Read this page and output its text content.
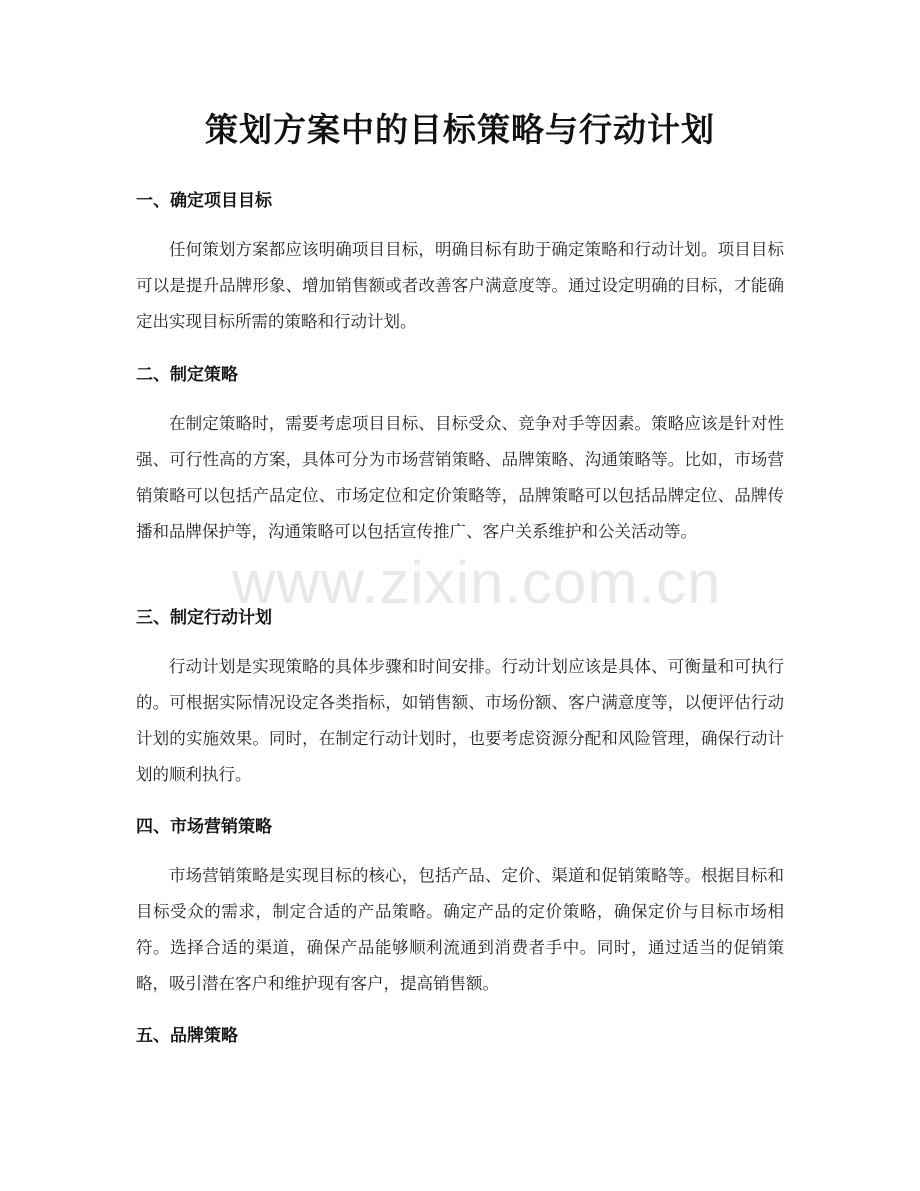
策划方案中的目标策略与行动计划
一、确定项目目标

任何策划方案都应该明确项目目标，明确目标有助于确定策略和行动计划。项目目标可以是提升品牌形象、增加销售额或者改善客户满意度等。通过设定明确的目标，才能确定出实现目标所需的策略和行动计划。

二、制定策略

在制定策略时，需要考虑项目目标、目标受众、竞争对手等因素。策略应该是针对性强、可行性高的方案，具体可分为市场营销策略、品牌策略、沟通策略等。比如，市场营销策略可以包括产品定位、市场定位和定价策略等，品牌策略可以包括品牌定位、品牌传播和品牌保护等，沟通策略可以包括宣传推广、客户关系维护和公关活动等。

三、制定行动计划

行动计划是实现策略的具体步骤和时间安排。行动计划应该是具体、可衡量和可执行的。可根据实际情况设定各类指标，如销售额、市场份额、客户满意度等，以便评估行动计划的实施效果。同时，在制定行动计划时，也要考虑资源分配和风险管理，确保行动计划的顺利执行。

四、市场营销策略

市场营销策略是实现目标的核心，包括产品、定价、渠道和促销策略等。根据目标和目标受众的需求，制定合适的产品策略。确定产品的定价策略，确保定价与目标市场相符。选择合适的渠道，确保产品能够顺利流通到消费者手中。同时，通过适当的促销策略，吸引潜在客户和维护现有客户，提高销售额。

五、品牌策略
www.zixin.com.cn
